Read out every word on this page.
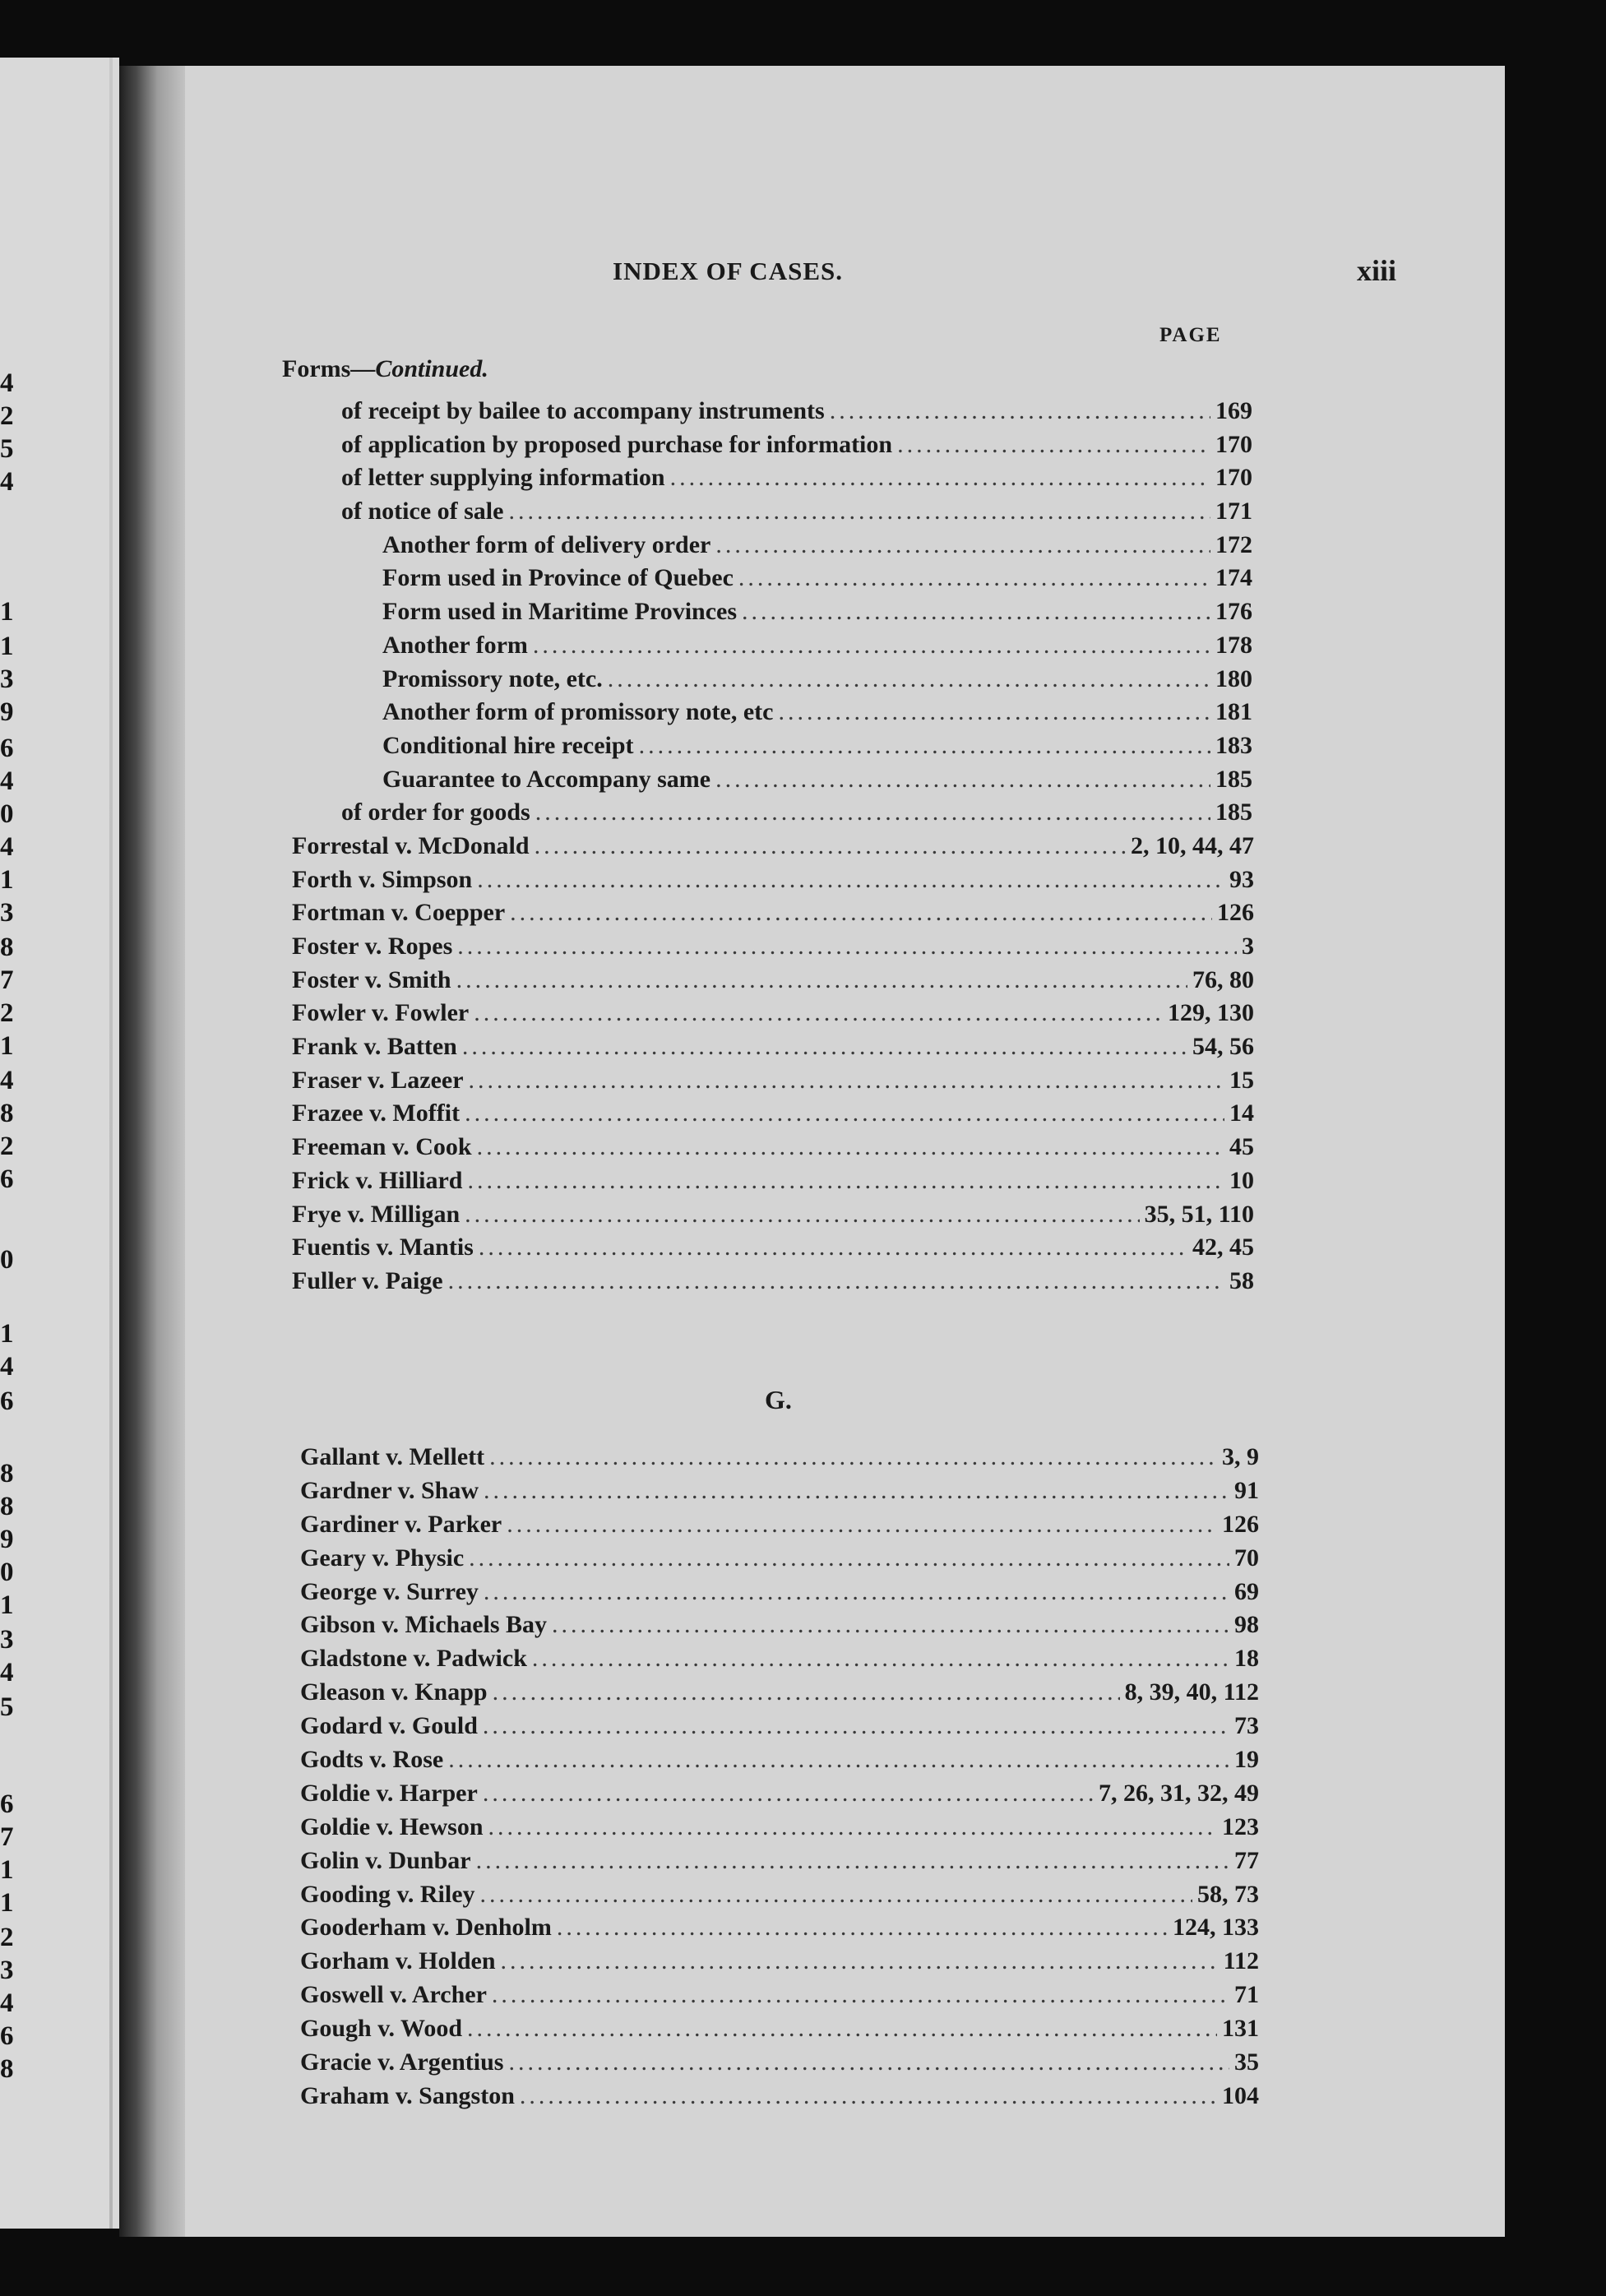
4
2
5
4
1
1
3
9
6
4
0
4
1
3
8
7
2
1
4
8
2
6
0
1
4
6
8
8
9
0
1
3
4
5
6
7
1
1
2
3
4
6
8
INDEX OF CASES.	xiii
PAGE
Forms—Continued.
of receipt by bailee to accompany instruments .....	169
of application by proposed purchase for information .....	170
of letter supplying information .....	170
of notice of sale .....	171
Another form of delivery order .....	172
Form used in Province of Quebec .....	174
Form used in Maritime Provinces .....	176
Another form .....	178
Promissory note, etc. .....	180
Another form of promissory note, etc .....	181
Conditional hire receipt .....	183
Guarantee to Accompany same .....	185
of order for goods .....	185
Forrestal v. McDonald .....	2, 10, 44, 47
Forth v. Simpson .....	93
Fortman v. Coepper .....	126
Foster v. Ropes .....	3
Foster v. Smith .....	76, 80
Fowler v. Fowler .....	129, 130
Frank v. Batten .....	54, 56
Fraser v. Lazeer .....	15
Frazee v. Moffit .....	14
Freeman v. Cook .....	45
Frick v. Hilliard .....	10
Frye v. Milligan .....	35, 51, 110
Fuentis v. Mantis .....	42, 45
Fuller v. Paige .....	58
G.
Gallant v. Mellett .....	3, 9
Gardner v. Shaw .....	91
Gardiner v. Parker .....	126
Geary v. Physic .....	70
George v. Surrey .....	69
Gibson v. Michaels Bay .....	98
Gladstone v. Padwick .....	18
Gleason v. Knapp .....	8, 39, 40, 112
Godard v. Gould .....	73
Godts v. Rose .....	19
Goldie v. Harper .....	7, 26, 31, 32, 49
Goldie v. Hewson .....	123
Golin v. Dunbar .....	77
Gooding v. Riley .....	58, 73
Gooderham v. Denholm .....	124, 133
Gorham v. Holden .....	112
Goswell v. Archer .....	71
Gough v. Wood .....	131
Gracie v. Argentius .....	35
Graham v. Sangston .....	104
